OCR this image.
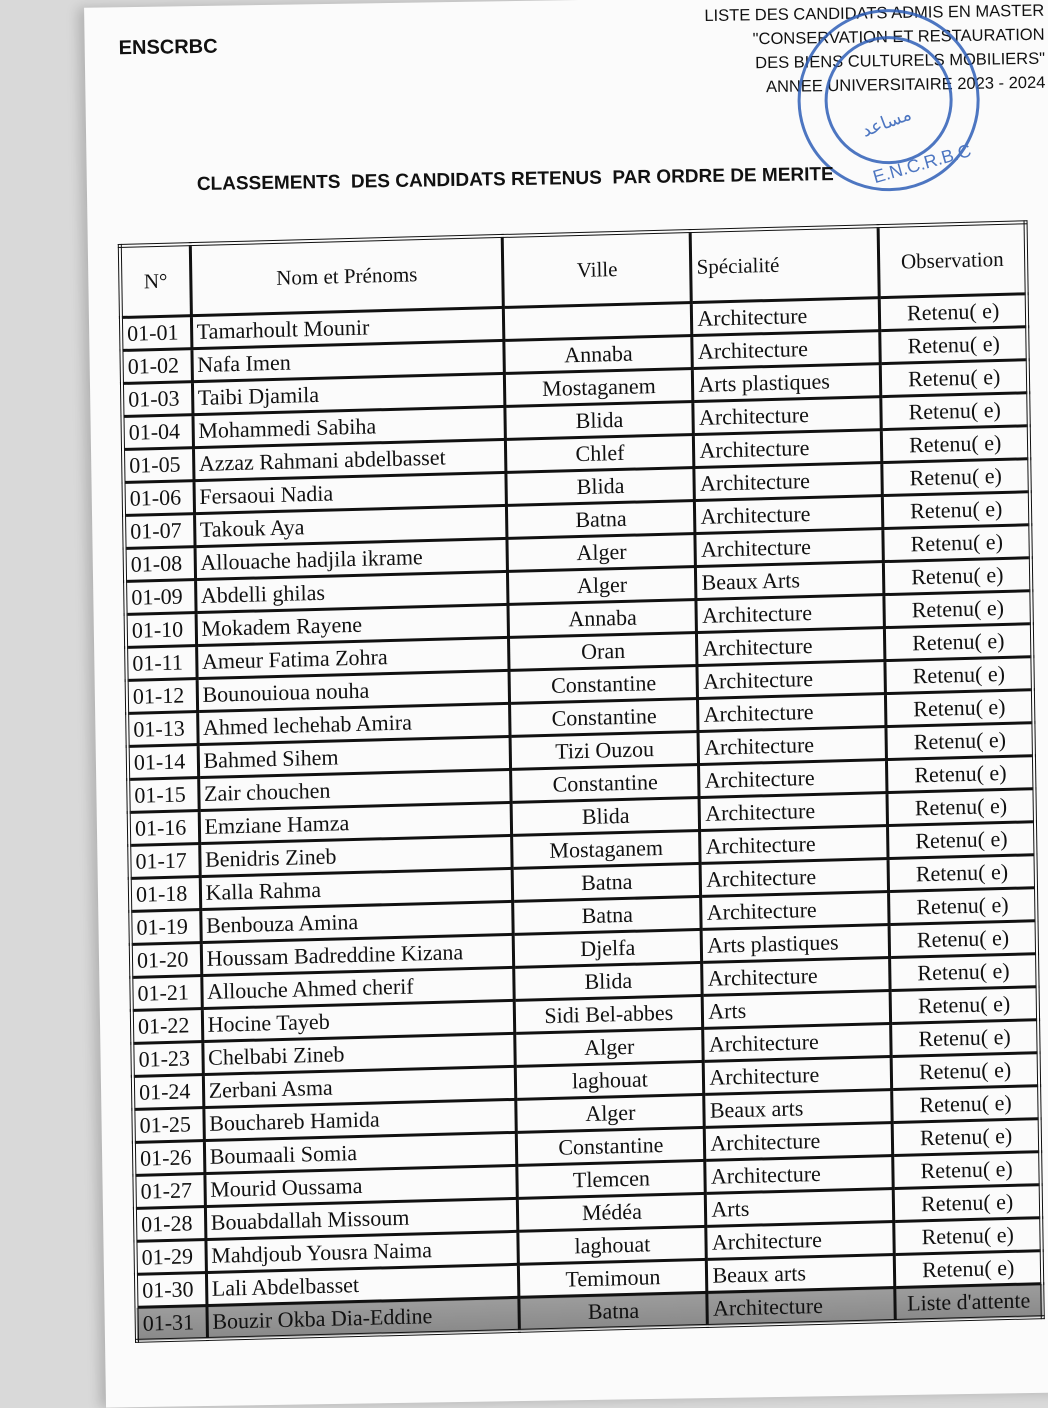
ENSCRBC
LISTE DES CANDIDATS ADMIS EN MASTER
"CONSERVATION ET RESTAURATION
DES BIENS CULTURELS MOBILIERS"
ANNEE UNIVERSITAIRE 2023 - 2024
مساعد
E.N.C.R.B.C
CLASSEMENTS  DES CANDIDATS RETENUS  PAR ORDRE DE MERITE
N°	Nom et Prénoms	Ville	Spécialité	Observation
01-01	Tamarhoult Mounir		Architecture	Retenu( e)
01-02	Nafa Imen	Annaba	Architecture	Retenu( e)
01-03	Taibi Djamila	Mostaganem	Arts plastiques	Retenu( e)
01-04	Mohammedi Sabiha	Blida	Architecture	Retenu( e)
01-05	Azzaz Rahmani abdelbasset	Chlef	Architecture	Retenu( e)
01-06	Fersaoui Nadia	Blida	Architecture	Retenu( e)
01-07	Takouk Aya	Batna	Architecture	Retenu( e)
01-08	Allouache hadjila ikrame	Alger	Architecture	Retenu( e)
01-09	Abdelli ghilas	Alger	Beaux Arts	Retenu( e)
01-10	Mokadem Rayene	Annaba	Architecture	Retenu( e)
01-11	Ameur Fatima Zohra	Oran	Architecture	Retenu( e)
01-12	Bounouioua nouha	Constantine	Architecture	Retenu( e)
01-13	Ahmed lechehab Amira	Constantine	Architecture	Retenu( e)
01-14	Bahmed Sihem	Tizi Ouzou	Architecture	Retenu( e)
01-15	Zair chouchen	Constantine	Architecture	Retenu( e)
01-16	Emziane Hamza	Blida	Architecture	Retenu( e)
01-17	Benidris Zineb	Mostaganem	Architecture	Retenu( e)
01-18	Kalla Rahma	Batna	Architecture	Retenu( e)
01-19	Benbouza Amina	Batna	Architecture	Retenu( e)
01-20	Houssam Badreddine Kizana	Djelfa	Arts plastiques	Retenu( e)
01-21	Allouche Ahmed cherif	Blida	Architecture	Retenu( e)
01-22	Hocine Tayeb	Sidi Bel-abbes	Arts	Retenu( e)
01-23	Chelbabi Zineb	Alger	Architecture	Retenu( e)
01-24	Zerbani Asma	laghouat	Architecture	Retenu( e)
01-25	Bouchareb Hamida	Alger	Beaux arts	Retenu( e)
01-26	Boumaali Somia	Constantine	Architecture	Retenu( e)
01-27	Mourid Oussama	Tlemcen	Architecture	Retenu( e)
01-28	Bouabdallah Missoum	Médéa	Arts	Retenu( e)
01-29	Mahdjoub Yousra Naima	laghouat	Architecture	Retenu( e)
01-30	Lali Abdelbasset	Temimoun	Beaux arts	Retenu( e)
01-31	Bouzir Okba Dia-Eddine	Batna	Architecture	Liste d'attente
